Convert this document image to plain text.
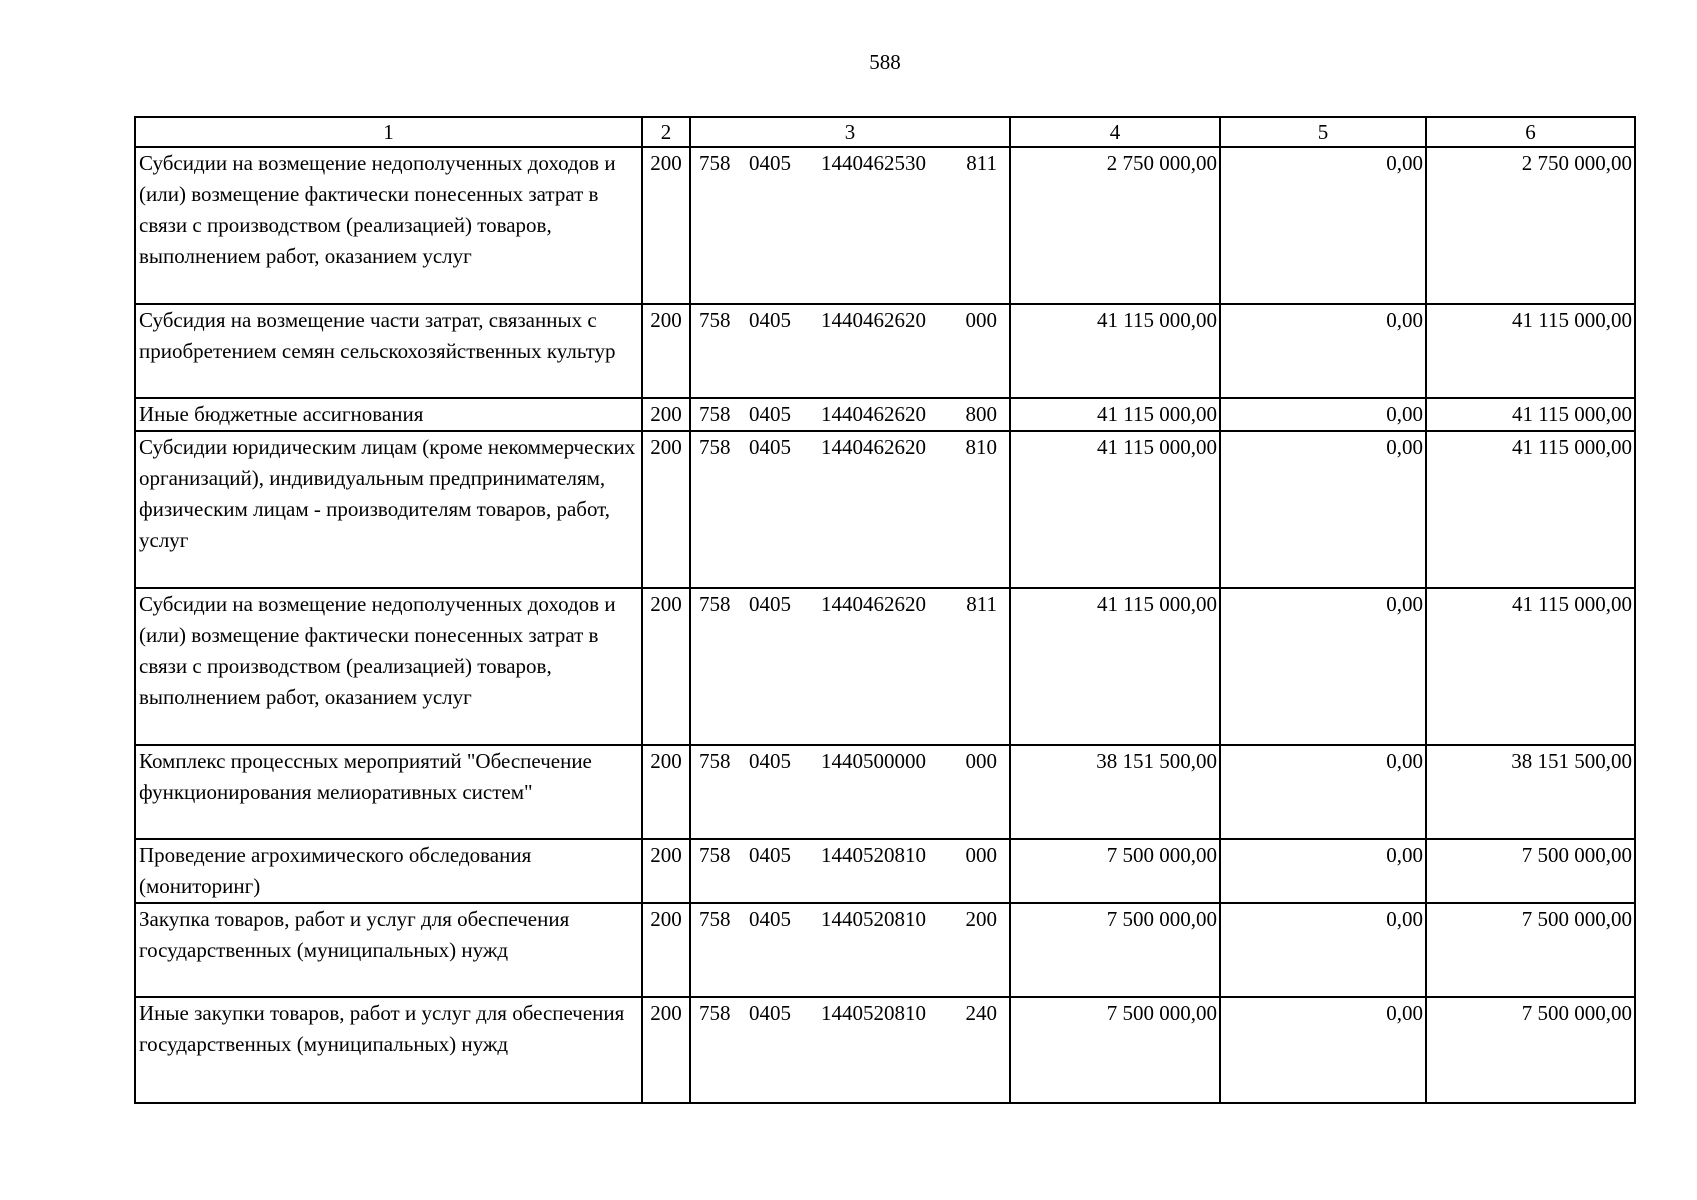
588
1	2	3	4	5	6
Субсидии на возмещение недополученных доходов и (или) возмещение фактически понесенных затрат в связи с производством (реализацией) товаров, выполнением работ, оказанием услуг	200	758 0405 1440462530 811	2 750 000,00	0,00	2 750 000,00
Субсидия на возмещение части затрат, связанных с приобретением семян сельскохозяйственных культур	200	758 0405 1440462620 000	41 115 000,00	0,00	41 115 000,00
Иные бюджетные ассигнования	200	758 0405 1440462620 800	41 115 000,00	0,00	41 115 000,00
Субсидии юридическим лицам (кроме некоммерческих организаций), индивидуальным предпринимателям, физическим лицам - производителям товаров, работ, услуг	200	758 0405 1440462620 810	41 115 000,00	0,00	41 115 000,00
Субсидии на возмещение недополученных доходов и (или) возмещение фактически понесенных затрат в связи с производством (реализацией) товаров, выполнением работ, оказанием услуг	200	758 0405 1440462620 811	41 115 000,00	0,00	41 115 000,00
Комплекс процессных мероприятий "Обеспечение функционирования мелиоративных систем"	200	758 0405 1440500000 000	38 151 500,00	0,00	38 151 500,00
Проведение агрохимического обследования (мониторинг)	200	758 0405 1440520810 000	7 500 000,00	0,00	7 500 000,00
Закупка товаров, работ и услуг для обеспечения государственных (муниципальных) нужд	200	758 0405 1440520810 200	7 500 000,00	0,00	7 500 000,00
Иные закупки товаров, работ и услуг для обеспечения государственных (муниципальных) нужд	200	758 0405 1440520810 240	7 500 000,00	0,00	7 500 000,00
